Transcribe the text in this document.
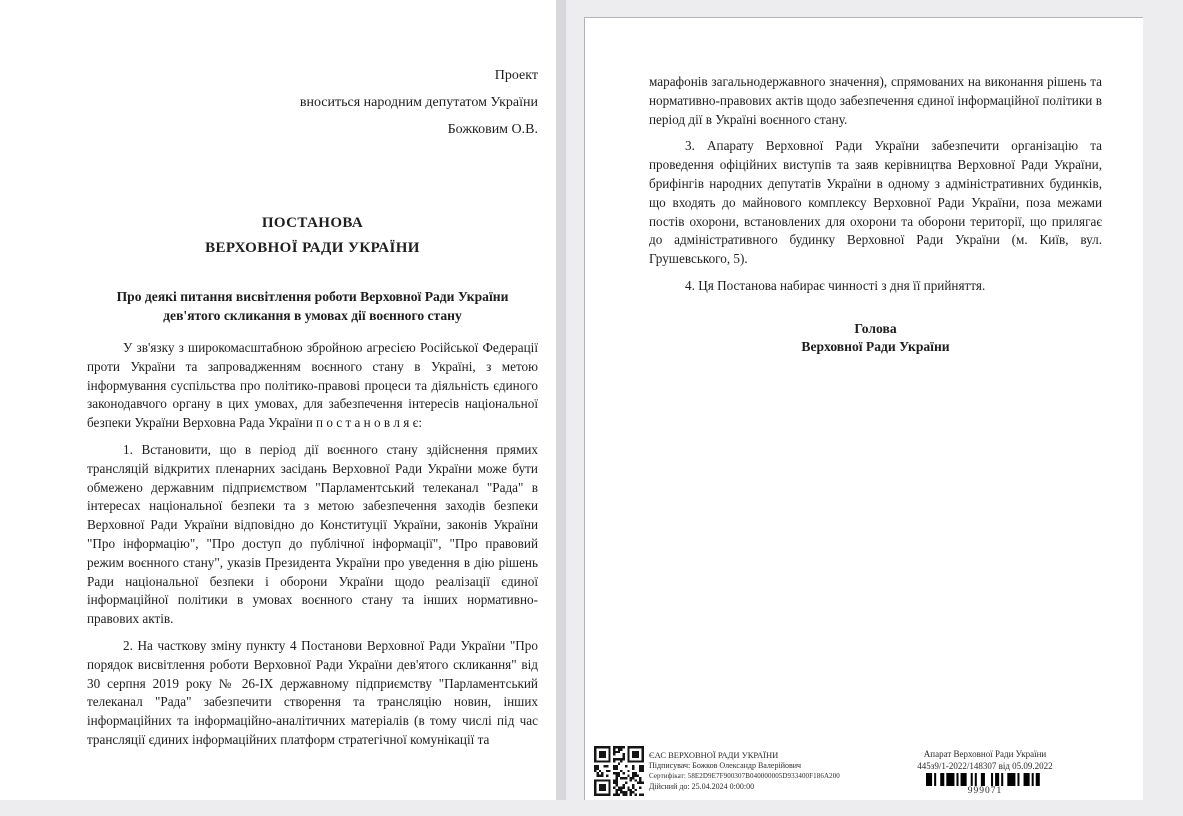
Проект
вноситься народним депутатом України
Божковим О.В.
ПОСТАНОВА
ВЕРХОВНОЇ РАДИ УКРАЇНИ
Про деякі питання висвітлення роботи Верховної Ради України дев'ятого скликання в умовах дії воєнного стану

У зв'язку з широкомасштабною збройною агресією Російської Федерації проти України та запровадженням воєнного стану в Україні, з метою інформування суспільства про політико-правові процеси та діяльність єдиного законодавчого органу в цих умовах, для забезпечення інтересів національної безпеки України Верховна Рада України п о с т а н о в л я є:

1. Встановити, що в період дії воєнного стану здійснення прямих трансляцій відкритих пленарних засідань Верховної Ради України може бути обмежено державним підприємством "Парламентський телеканал "Рада" в інтересах національної безпеки та з метою забезпечення заходів безпеки Верховної Ради України відповідно до Конституції України, законів України "Про інформацію", "Про доступ до публічної інформації", "Про правовий режим воєнного стану", указів Президента України про уведення в дію рішень Ради національної безпеки і оборони України щодо реалізації єдиної інформаційної політики в умовах воєнного стану та інших нормативно-правових актів.

2. На часткову зміну пункту 4 Постанови Верховної Ради України "Про порядок висвітлення роботи Верховної Ради України дев'ятого скликання" від 30 серпня 2019 року № 26-IX державному підприємству "Парламентський телеканал "Рада" забезпечити створення та трансляцію новин, інших інформаційних та інформаційно-аналітичних матеріалів (в тому числі під час трансляції єдиних інформаційних платформ стратегічної комунікації та

марафонів загальнодержавного значення), спрямованих на виконання рішень та нормативно-правових актів щодо забезпечення єдиної інформаційної політики в період дії в Україні воєнного стану.

3. Апарату Верховної Ради України забезпечити організацію та проведення офіційних виступів та заяв керівництва Верховної Ради України, брифінгів народних депутатів України в одному з адміністративних будинків, що входять до майнового комплексу Верховної Ради України, поза межами постів охорони, встановлених для охорони та оборони території, що прилягає до адміністративного будинку Верховної Ради України (м. Київ, вул. Грушевського, 5).

4. Ця Постанова набирає чинності з дня її прийняття.

Голова
Верховної Ради України
ЄАС ВЕРХОВНОЇ РАДИ УКРАЇНИ
Підписувач: Божков Олександр Валерійович
Сертифікат: 58E2D9E7F900307B040000005D933400F186A200
Дійсний до: 25.04.2024 0:00:00
Апарат Верховної Ради України
445з9/1-2022/148307 від 05.09.2022
999071
